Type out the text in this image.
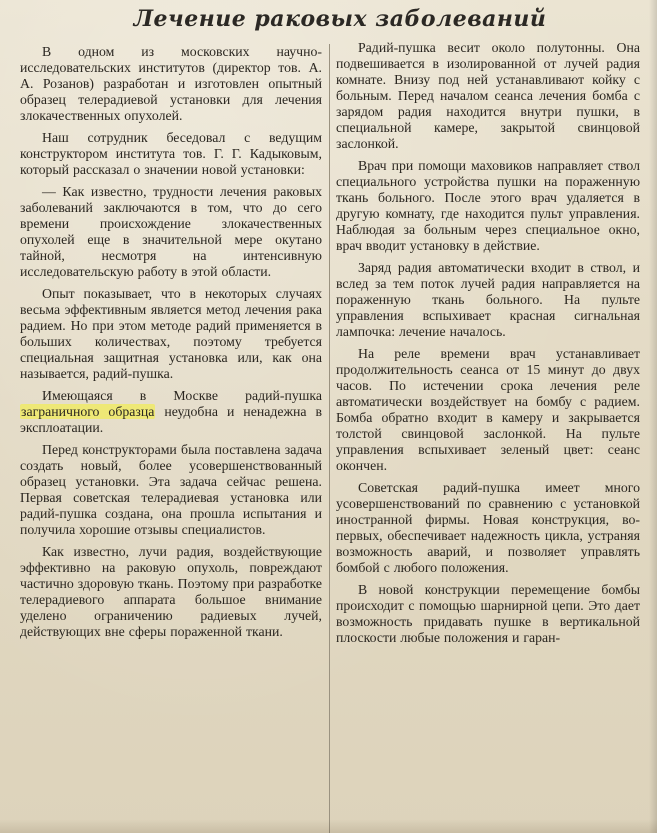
Лечение раковых заболеваний

В одном из московских научно-исследовательских институтов (директор тов. А. А. Розанов) разработан и изготовлен опытный образец телерадиевой установки для лечения злокачественных опухолей.

Наш сотрудник беседовал с ведущим конструктором института тов. Г. Г. Кадыковым, который рассказал о значении новой установки:

— Как известно, трудности лечения раковых заболеваний заключаются в том, что до сего времени происхождение злокачественных опухолей еще в значительной мере окутано тайной, несмотря на интенсивную исследовательскую работу в этой области.

Опыт показывает, что в некоторых случаях весьма эффективным является метод лечения рака радием. Но при этом методе радий применяется в больших количествах, поэтому требуется специальная защитная установка или, как она называется, радий-пушка.

Имеющаяся в Москве радий-пушка заграничного образца неудобна и ненадежна в эксплоатации.

Перед конструкторами была поставлена задача создать новый, более усовершенствованный образец установки. Эта задача сейчас решена. Первая советская телерадиевая установка или радий-пушка создана, она прошла испытания и получила хорошие отзывы специалистов.

Как известно, лучи радия, воздействующие эффективно на раковую опухоль, повреждают частично здоровую ткань. Поэтому при разработке телерадиевого аппарата большое внимание уделено ограничению радиевых лучей, действующих вне сферы пораженной ткани.

Радий-пушка весит около полутонны. Она подвешивается в изолированной от лучей радия комнате. Внизу под ней устанавливают койку с больным. Перед началом сеанса лечения бомба с зарядом радия находится внутри пушки, в специальной камере, закрытой свинцовой заслонкой.

Врач при помощи маховиков направляет ствол специального устройства пушки на пораженную ткань больного. После этого врач удаляется в другую комнату, где находится пульт управления. Наблюдая за больным через специальное окно, врач вводит установку в действие.

Заряд радия автоматически входит в ствол, и вслед за тем поток лучей радия направляется на пораженную ткань больного. На пульте управления вспыхивает красная сигнальная лампочка: лечение началось.

На реле времени врач устанавливает продолжительность сеанса от 15 минут до двух часов. По истечении срока лечения реле автоматически воздействует на бомбу с радием. Бомба обратно входит в камеру и закрывается толстой свинцовой заслонкой. На пульте управления вспыхивает зеленый цвет: сеанс окончен.

Советская радий-пушка имеет много усовершенствований по сравнению с установкой иностранной фирмы. Новая конструкция, во-первых, обеспечивает надежность цикла, устраняя возможность аварий, и позволяет управлять бомбой с любого положения.

В новой конструкции перемещение бомбы происходит с помощью шарнирной цепи. Это дает возможность придавать пушке в вертикальной плоскости любые положения и гаран-
